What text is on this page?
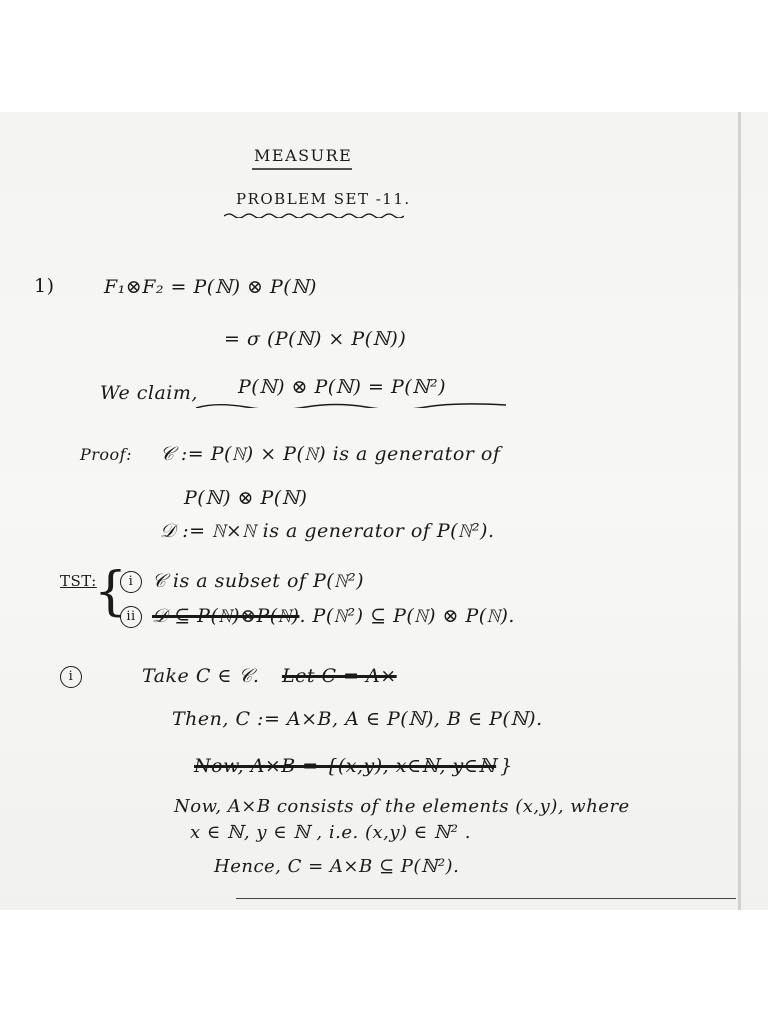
MEASURE
PROBLEM SET -11.
1)	F₁⊗F₂ = P(ℕ) ⊗ P(ℕ)
= σ (P(ℕ) × P(ℕ))
We claim, P(ℕ) ⊗ P(ℕ) = P(ℕ²)
Proof: 𝒞 := P(ℕ) × P(ℕ) is a generator of
P(ℕ) ⊗ P(ℕ)
𝒟 := ℕ×ℕ is a generator of P(ℕ²).
TST:
{ i 𝒞 is a subset of P(ℕ²)
ii 𝒟 ⊆ P(ℕ)⊗P(ℕ). P(ℕ²) ⊆ P(ℕ) ⊗ P(ℕ).
i	Take C ∈ 𝒞. Let C = A×
Then, C := A×B, A ∈ P(ℕ), B ∈ P(ℕ).
Now, A×B = {(x,y), x∈ℕ, y∈ℕ }
Now, A×B consists of the elements (x,y), where
x ∈ ℕ, y ∈ ℕ , i.e. (x,y) ∈ ℕ² .
Hence, C = A×B ⊆ P(ℕ²).
